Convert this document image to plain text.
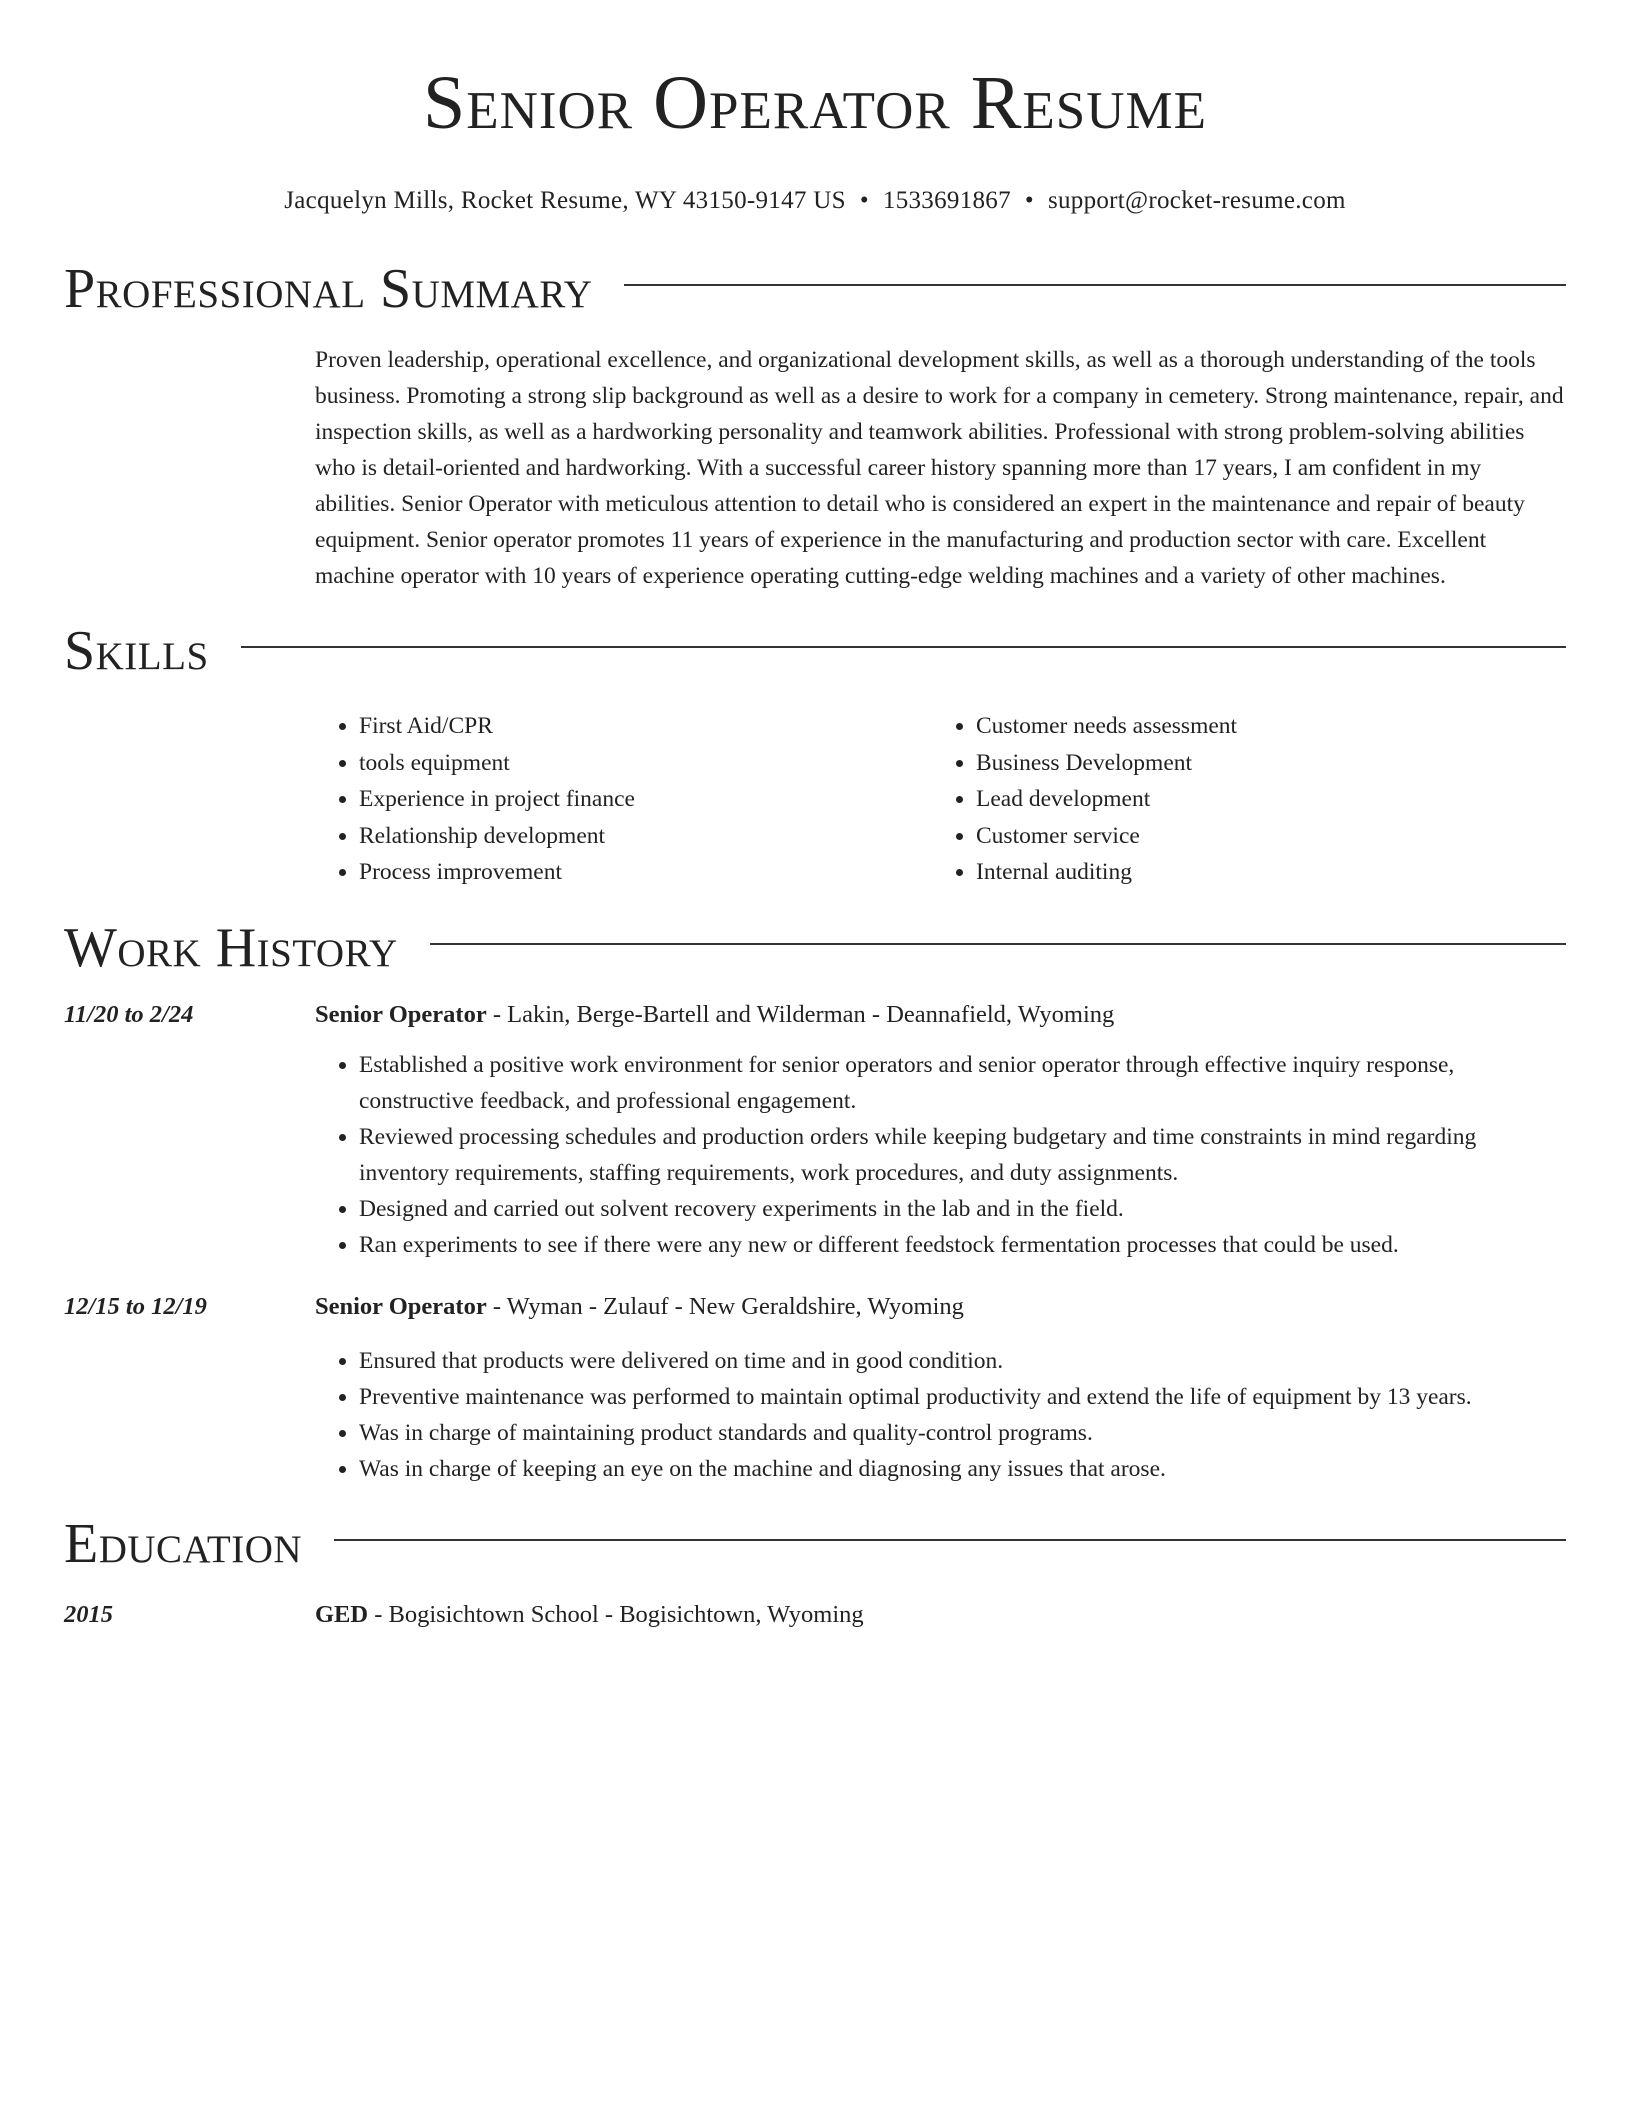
Senior Operator Resume
Jacquelyn Mills, Rocket Resume, WY 43150-9147 US • 1533691867 • support@rocket-resume.com
Professional Summary
Proven leadership, operational excellence, and organizational development skills, as well as a thorough understanding of the tools business. Promoting a strong slip background as well as a desire to work for a company in cemetery. Strong maintenance, repair, and inspection skills, as well as a hardworking personality and teamwork abilities. Professional with strong problem-solving abilities who is detail-oriented and hardworking. With a successful career history spanning more than 17 years, I am confident in my abilities. Senior Operator with meticulous attention to detail who is considered an expert in the maintenance and repair of beauty equipment. Senior operator promotes 11 years of experience in the manufacturing and production sector with care. Excellent machine operator with 10 years of experience operating cutting-edge welding machines and a variety of other machines.
Skills
• First Aid/CPR
• tools equipment
• Experience in project finance
• Relationship development
• Process improvement
• Customer needs assessment
• Business Development
• Lead development
• Customer service
• Internal auditing
Work History
11/20 to 2/24	Senior Operator - Lakin, Berge-Bartell and Wilderman - Deannafield, Wyoming
• Established a positive work environment for senior operators and senior operator through effective inquiry response, constructive feedback, and professional engagement.
• Reviewed processing schedules and production orders while keeping budgetary and time constraints in mind regarding inventory requirements, staffing requirements, work procedures, and duty assignments.
• Designed and carried out solvent recovery experiments in the lab and in the field.
• Ran experiments to see if there were any new or different feedstock fermentation processes that could be used.
12/15 to 12/19	Senior Operator - Wyman - Zulauf - New Geraldshire, Wyoming
• Ensured that products were delivered on time and in good condition.
• Preventive maintenance was performed to maintain optimal productivity and extend the life of equipment by 13 years.
• Was in charge of maintaining product standards and quality-control programs.
• Was in charge of keeping an eye on the machine and diagnosing any issues that arose.
Education
2015	GED - Bogisichtown School - Bogisichtown, Wyoming
